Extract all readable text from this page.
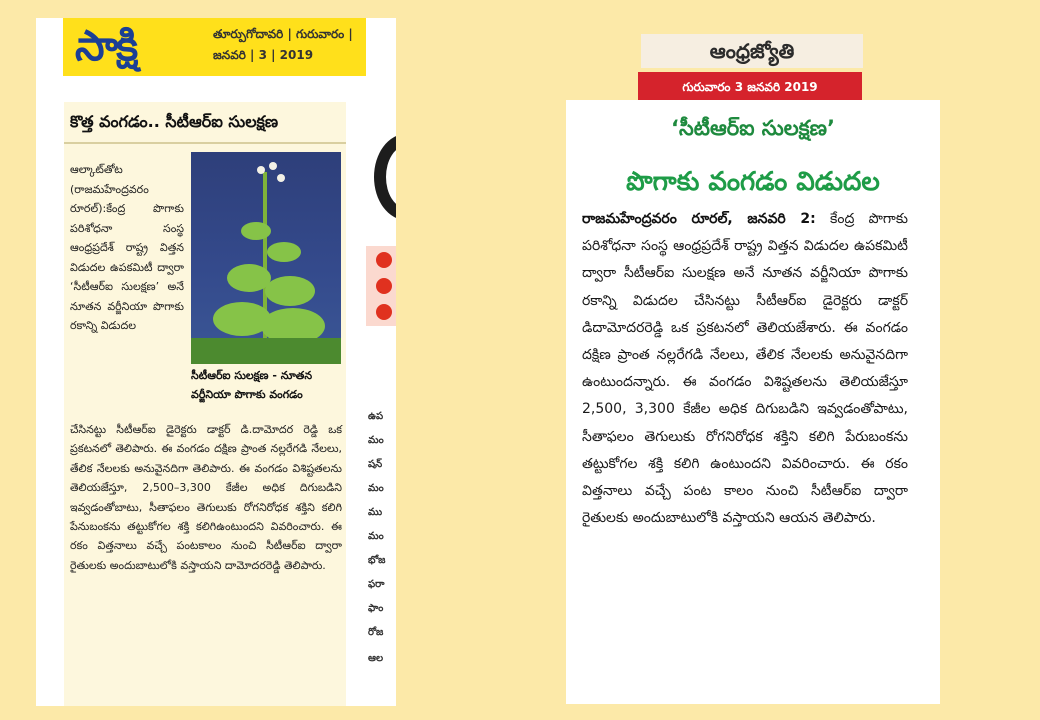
సాక్షి	తూర్పుగోదావరి | గురువారం |
జనవరి | 3 | 2019
కొత్త వంగడం.. సీటీఆర్ఐ సులక్షణ
ఆల్కాట్‌తోట (రాజమహేంద్రవరం రూరల్‌):కేంద్ర పొగాకు పరిశోధనా సంస్థ ఆంధ్రప్రదేశ్‌ రాష్ట్ర విత్తన విడుదల ఉపకమిటీ ద్వారా ‘సీటీఆర్‌ఐ సులక్షణ’ అనే నూతన వర్జీనియా పొగాకు రకాన్ని విడుదల
సీటీఆర్‌ఐ సులక్షణ - నూతన వర్జీనియా పొగాకు వంగడం
చేసినట్టు సీటీఆర్‌ఐ డైరెక్టరు డాక్టర్‌ డి.దామోదర రెడ్డి ఒక ప్రకటనలో తెలిపారు. ఈ వంగడం దక్షిణ ప్రాంత నల్లరేగడి నేలలు, తేలిక నేలలకు అనువైనదిగా తెలిపారు. ఈ వంగడం విశిష్టతలను తెలియజేస్తూ, 2,500–3,300 కేజీల అధిక దిగుబడిని ఇవ్వడంతోబాటు, సీతాఫలం తెగులుకు రోగనిరోధక శక్తిని కలిగి పేనుబంకను తట్టుకోగల శక్తి కలిగిఉంటుందని వివరించారు. ఈ రకం విత్తనాలు వచ్చే పంటకాలం నుంచి సీటీఆర్‌ఐ ద్వారా రైతులకు అందుబాటులోకి వస్తాయని దామోదరరెడ్డి తెలిపారు.
ఉప
మం
షన్
మం
ము
మం
భోజ
ఫరా
ఫాం
రోజ
ఆల
ఆంధ్రజ్యోతి
గురువారం 3 జనవరి 2019
‘సీటీఆర్‌ఐ సులక్షణ’
పొగాకు వంగడం విడుదల
రాజమహేంద్రవరం రూరల్‌, జనవరి 2: కేంద్ర పొగాకు పరిశోధనా సంస్థ ఆంధ్రప్రదేశ్‌ రాష్ట్ర విత్తన విడుదల ఉపకమిటీ ద్వారా సీటీఆర్‌ఐ సులక్షణ అనే నూతన వర్జీనియా పొగాకు రకాన్ని విడుదల చేసినట్టు సీటీఆర్‌ఐ డైరెక్టరు డాక్టర్‌ డిదామోదరరెడ్డి ఒక ప్రకటనలో తెలియజేశారు. ఈ వంగడం దక్షిణ ప్రాంత నల్లరేగడి నేలలు, తేలిక నేలలకు అనువైనదిగా ఉంటుందన్నారు. ఈ వంగడం విశిష్టతలను తెలియజేస్తూ 2,500, 3,300 కేజీల అధిక దిగుబడిని ఇవ్వడంతోపాటు, సీతాఫలం తెగులుకు రోగనిరోధక శక్తిని కలిగి పేరుబంకను తట్టుకోగల శక్తి కలిగి ఉంటుందని వివరించారు. ఈ రకం విత్తనాలు వచ్చే పంట కాలం నుంచి సీటీఆర్‌ఐ ద్వారా రైతులకు అందుబాటులోకి వస్తాయని ఆయన తెలిపారు.
